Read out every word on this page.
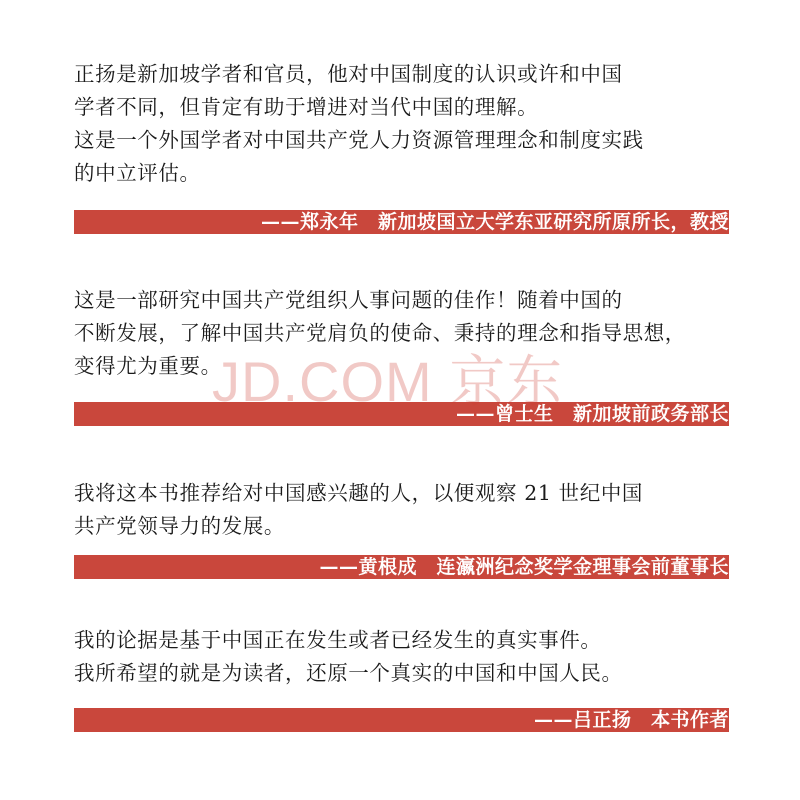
正扬是新加坡学者和官员，他对中国制度的认识或许和中国
学者不同，但肯定有助于增进对当代中国的理解。
这是一个外国学者对中国共产党人力资源管理理念和制度实践
的中立评估。

——郑永年　新加坡国立大学东亚研究所原所长，教授

这是一部研究中国共产党组织人事问题的佳作！随着中国的
不断发展，了解中国共产党肩负的使命、秉持的理念和指导思想，
变得尤为重要。

——曾士生　新加坡前政务部长

我将这本书推荐给对中国感兴趣的人，以便观察 21 世纪中国
共产党领导力的发展。

——黄根成　连瀛洲纪念奖学金理事会前董事长

我的论据是基于中国正在发生或者已经发生的真实事件。
我所希望的就是为读者，还原一个真实的中国和中国人民。

——吕正扬　本书作者
JD.COM 京东
